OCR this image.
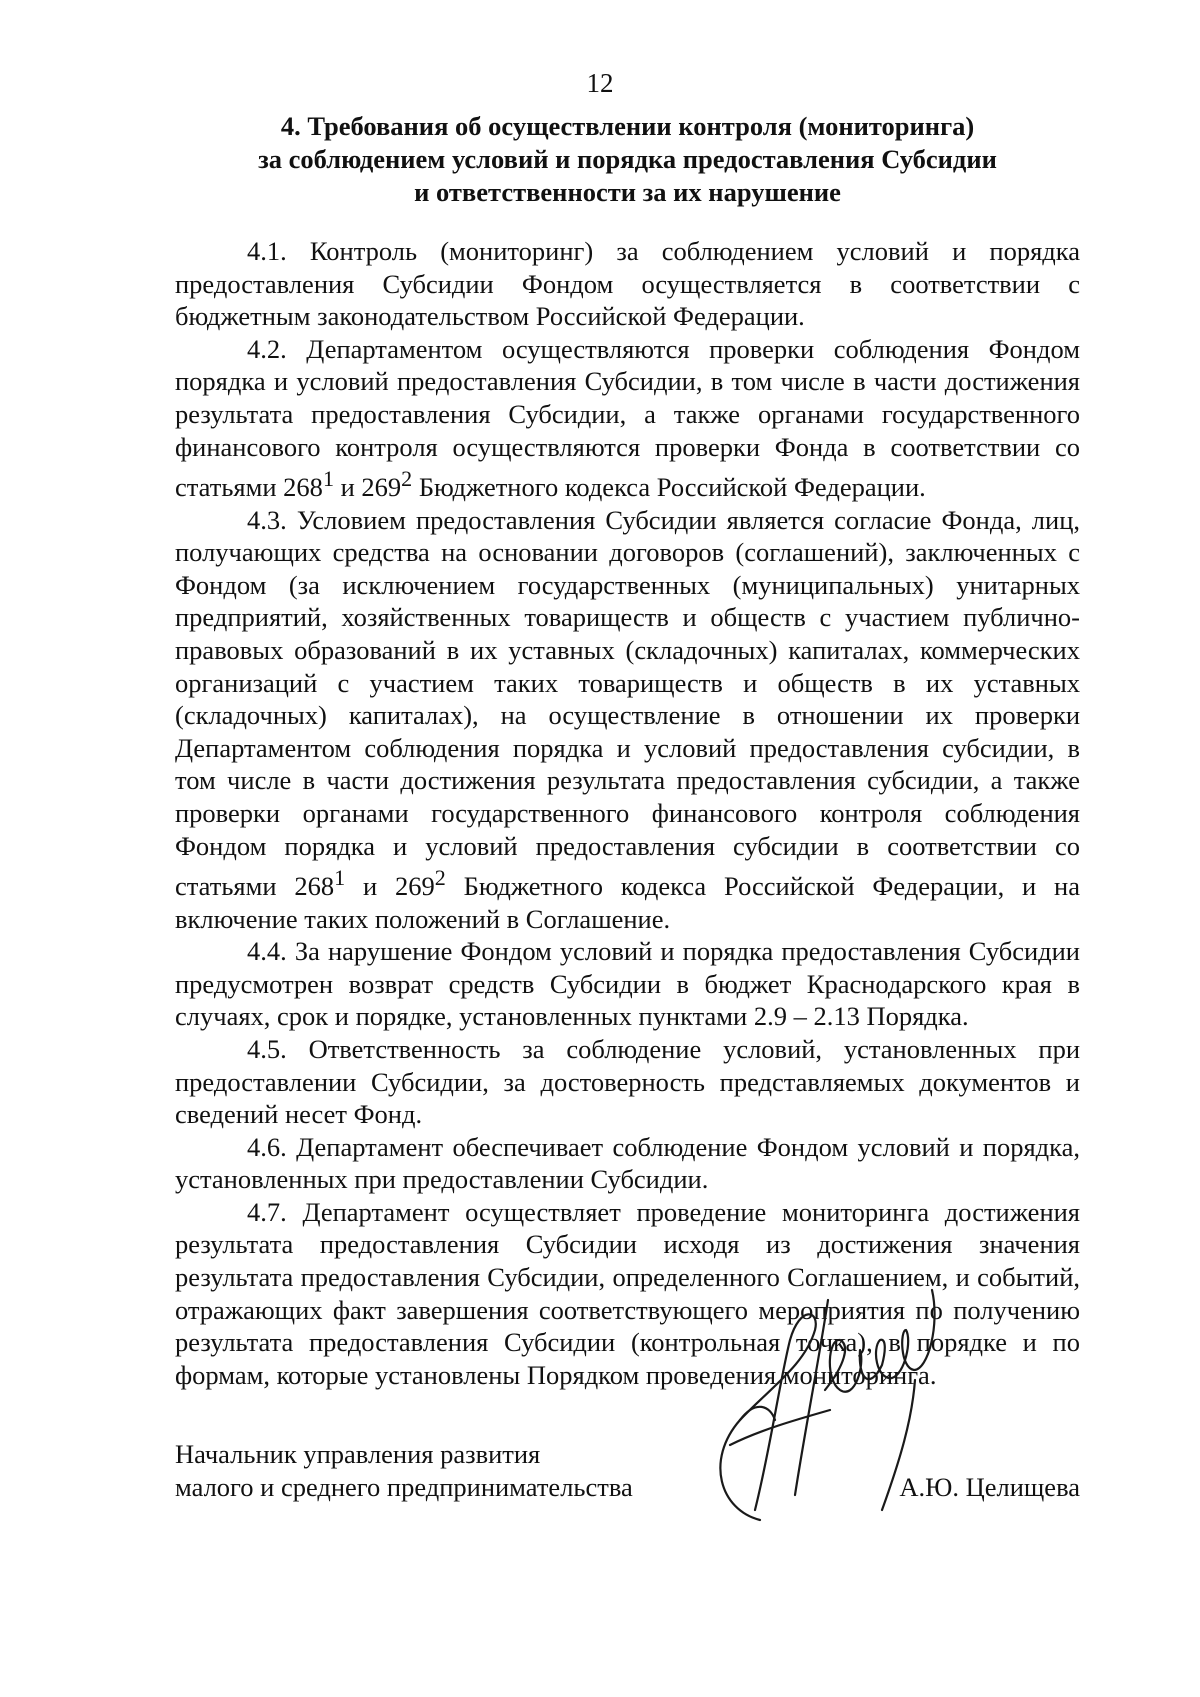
12
4. Требования об осуществлении контроля (мониторинга)
за соблюдением условий и порядка предоставления Субсидии
и ответственности за их нарушение

4.1. Контроль (мониторинг) за соблюдением условий и порядка предоставления Субсидии Фондом осуществляется в соответствии с бюджетным законодательством Российской Федерации.

4.2. Департаментом осуществляются проверки соблюдения Фондом порядка и условий предоставления Субсидии, в том числе в части достижения результата предоставления Субсидии, а также органами государственного финансового контроля осуществляются проверки Фонда в соответствии со статьями $268^1$ и $269^2$ Бюджетного кодекса Российской Федерации.

4.3. Условием предоставления Субсидии является согласие Фонда, лиц, получающих средства на основании договоров (соглашений), заключенных с Фондом (за исключением государственных (муниципальных) унитарных предприятий, хозяйственных товариществ и обществ с участием публично-правовых образований в их уставных (складочных) капиталах, коммерческих организаций с участием таких товариществ и обществ в их уставных (складочных) капиталах), на осуществление в отношении их проверки Департаментом соблюдения порядка и условий предоставления субсидии, в том числе в части достижения результата предоставления субсидии, а также проверки органами государственного финансового контроля соблюдения Фондом порядка и условий предоставления субсидии в соответствии со статьями $268^1$ и $269^2$ Бюджетного кодекса Российской Федерации, и на включение таких положений в Соглашение.

4.4. За нарушение Фондом условий и порядка предоставления Субсидии предусмотрен возврат средств Субсидии в бюджет Краснодарского края в случаях, срок и порядке, установленных пунктами 2.9 – 2.13 Порядка.

4.5. Ответственность за соблюдение условий, установленных при предоставлении Субсидии, за достоверность представляемых документов и сведений несет Фонд.

4.6. Департамент обеспечивает соблюдение Фондом условий и порядка, установленных при предоставлении Субсидии.

4.7. Департамент осуществляет проведение мониторинга достижения результата предоставления Субсидии исходя из достижения значения результата предоставления Субсидии, определенного Соглашением, и событий, отражающих факт завершения соответствующего мероприятия по получению результата предоставления Субсидии (контрольная точка), в порядке и по формам, которые установлены Порядком проведения мониторинга.

Начальник управления развития
малого и среднего предпринимательства	А.Ю. Целищева
